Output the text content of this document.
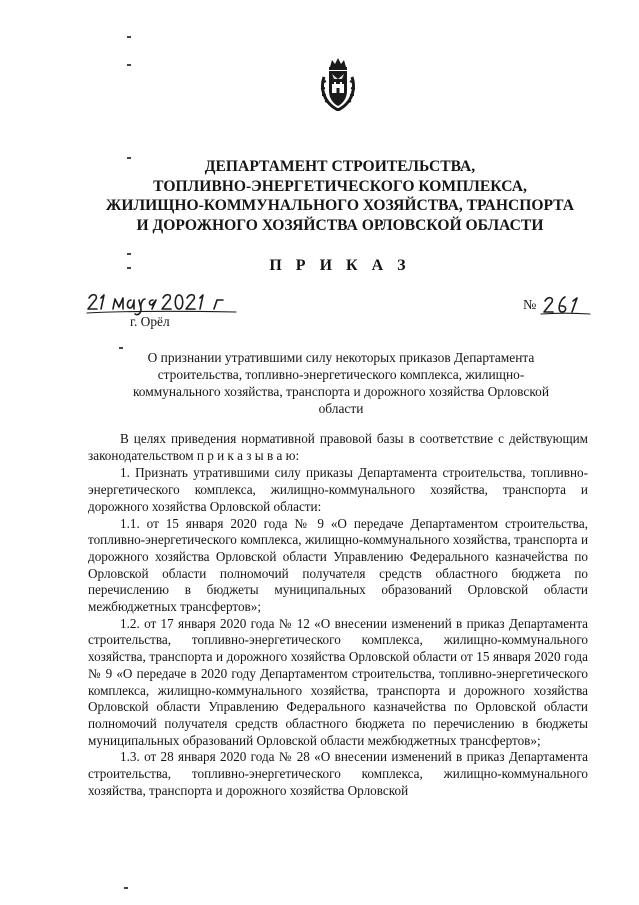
ДЕПАРТАМЕНТ СТРОИТЕЛЬСТВА,
ТОПЛИВНО-ЭНЕРГЕТИЧЕСКОГО КОМПЛЕКСА,
ЖИЛИЩНО-КОММУНАЛЬНОГО ХОЗЯЙСТВА, ТРАНСПОРТА
И ДОРОЖНОГО ХОЗЯЙСТВА ОРЛОВСКОЙ ОБЛАСТИ
П Р И К А З
г. Орёл
№

О признании утратившими силу некоторых приказов Департамента
строительства, топливно-энергетического комплекса, жилищно-
коммунального хозяйства, транспорта и дорожного хозяйства Орловской
области

В целях приведения нормативной правовой базы в соответствие с действующим законодательством п р и к а з ы в а ю:

1. Признать утратившими силу приказы Департамента строительства, топливно-энергетического комплекса, жилищно-коммунального хозяйства, транспорта и дорожного хозяйства Орловской области:

1.1. от 15 января 2020 года № 9 «О передаче Департаментом строительства, топливно-энергетического комплекса, жилищно-коммунального хозяйства, транспорта и дорожного хозяйства Орловской области Управлению Федерального казначейства по Орловской области полномочий получателя средств областного бюджета по перечислению в бюджеты муниципальных образований Орловской области межбюджетных трансфертов»;

1.2. от 17 января 2020 года № 12 «О внесении изменений в приказ Департамента строительства, топливно-энергетического комплекса, жилищно-коммунального хозяйства, транспорта и дорожного хозяйства Орловской области от 15 января 2020 года № 9 «О передаче в 2020 году Департаментом строительства, топливно-энергетического комплекса, жилищно-коммунального хозяйства, транспорта и дорожного хозяйства Орловской области Управлению Федерального казначейства по Орловской области полномочий получателя средств областного бюджета по перечислению в бюджеты муниципальных образований Орловской области межбюджетных трансфертов»;

1.3. от 28 января 2020 года № 28 «О внесении изменений в приказ Департамента строительства, топливно-энергетического комплекса, жилищно-коммунального хозяйства, транспорта и дорожного хозяйства Орловской
